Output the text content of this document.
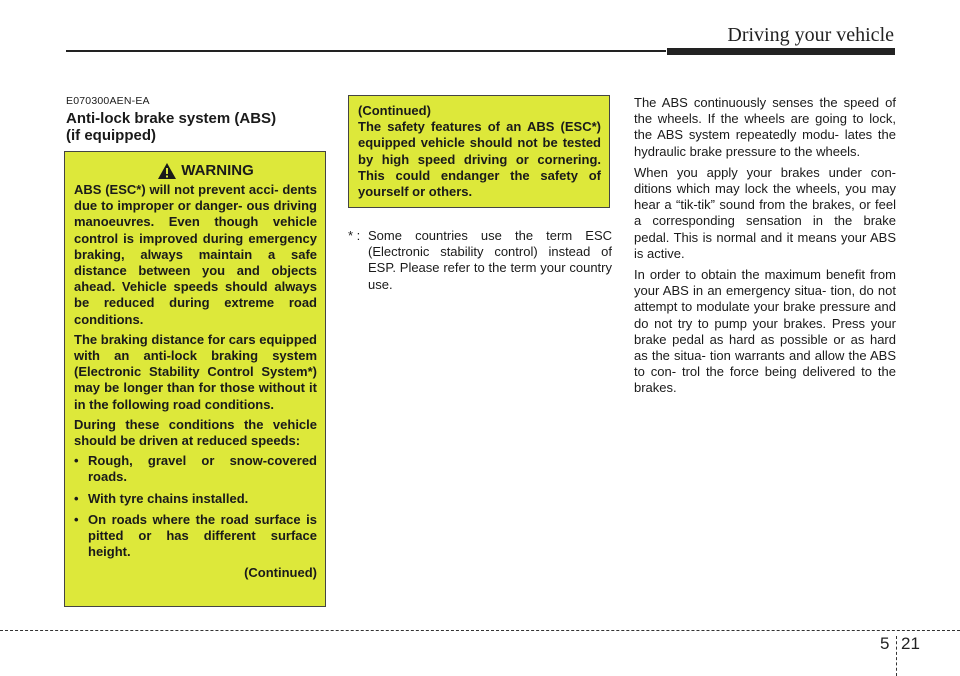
Driving your vehicle
E070300AEN-EA
Anti-lock brake system (ABS)
(if equipped)
WARNING

ABS (ESC*) will not prevent acci- dents due to improper or danger- ous driving manoeuvres. Even though vehicle control is improved during emergency braking, always maintain a safe distance between you and objects ahead. Vehicle speeds should always be reduced during extreme road conditions.

The braking distance for cars equipped with an anti-lock braking system (Electronic Stability Control System*) may be longer than for those without it in the following road conditions.

During these conditions the vehicle should be driven at reduced speeds:

• Rough, gravel or snow-covered roads.
• With tyre chains installed.
• On roads where the road surface is pitted or has different surface height.
(Continued)

(Continued)

The safety features of an ABS (ESC*) equipped vehicle should not be tested by high speed driving or cornering. This could endanger the safety of yourself or others.

* : Some countries use the term ESC (Electronic stability control) instead of ESP. Please refer to the term your country use.

The ABS continuously senses the speed of the wheels. If the wheels are going to lock, the ABS system repeatedly modu- lates the hydraulic brake pressure to the wheels.

When you apply your brakes under con- ditions which may lock the wheels, you may hear a “tik-tik” sound from the brakes, or feel a corresponding sensation in the brake pedal. This is normal and it means your ABS is active.

In order to obtain the maximum benefit from your ABS in an emergency situa- tion, do not attempt to modulate your brake pressure and do not try to pump your brakes. Press your brake pedal as hard as possible or as hard as the situa- tion warrants and allow the ABS to con- trol the force being delivered to the brakes.

5 21
